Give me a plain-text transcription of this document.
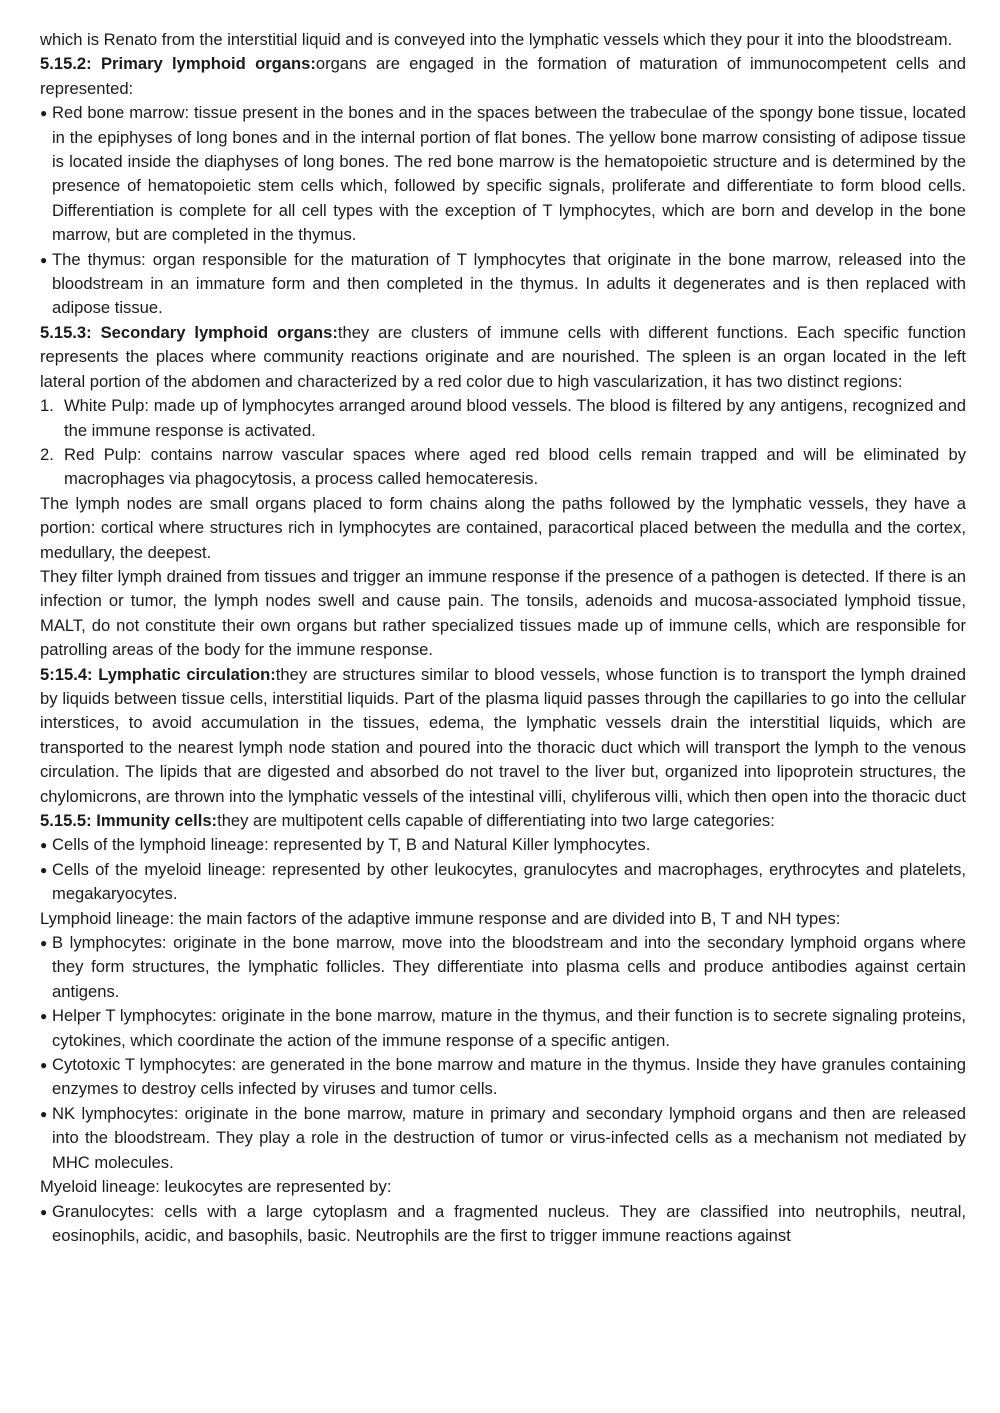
which is Renato from the interstitial liquid and is conveyed into the lymphatic vessels which they pour it into the bloodstream.

5.15.2: Primary lymphoid organs:organs are engaged in the formation of maturation of immunocompetent cells and represented:

● Red bone marrow: tissue present in the bones and in the spaces between the trabeculae of the spongy bone tissue, located in the epiphyses of long bones and in the internal portion of flat bones. The yellow bone marrow consisting of adipose tissue is located inside the diaphyses of long bones. The red bone marrow is the hematopoietic structure and is determined by the presence of hematopoietic stem cells which, followed by specific signals, proliferate and differentiate to form blood cells. Differentiation is complete for all cell types with the exception of T lymphocytes, which are born and develop in the bone marrow, but are completed in the thymus.

● The thymus: organ responsible for the maturation of T lymphocytes that originate in the bone marrow, released into the bloodstream in an immature form and then completed in the thymus. In adults it degenerates and is then replaced with adipose tissue.

5.15.3: Secondary lymphoid organs:they are clusters of immune cells with different functions. Each specific function represents the places where community reactions originate and are nourished. The spleen is an organ located in the left lateral portion of the abdomen and characterized by a red color due to high vascularization, it has two distinct regions:

1. White Pulp: made up of lymphocytes arranged around blood vessels. The blood is filtered by any antigens, recognized and the immune response is activated.

2. Red Pulp: contains narrow vascular spaces where aged red blood cells remain trapped and will be eliminated by macrophages via phagocytosis, a process called hemocateresis.

The lymph nodes are small organs placed to form chains along the paths followed by the lymphatic vessels, they have a portion: cortical where structures rich in lymphocytes are contained, paracortical placed between the medulla and the cortex, medullary, the deepest.

They filter lymph drained from tissues and trigger an immune response if the presence of a pathogen is detected. If there is an infection or tumor, the lymph nodes swell and cause pain. The tonsils, adenoids and mucosa-associated lymphoid tissue, MALT, do not constitute their own organs but rather specialized tissues made up of immune cells, which are responsible for patrolling areas of the body for the immune response.

5:15.4: Lymphatic circulation:they are structures similar to blood vessels, whose function is to transport the lymph drained by liquids between tissue cells, interstitial liquids. Part of the plasma liquid passes through the capillaries to go into the cellular interstices, to avoid accumulation in the tissues, edema, the lymphatic vessels drain the interstitial liquids, which are transported to the nearest lymph node station and poured into the thoracic duct which will transport the lymph to the venous circulation. The lipids that are digested and absorbed do not travel to the liver but, organized into lipoprotein structures, the chylomicrons, are thrown into the lymphatic vessels of the intestinal villi, chyliferous villi, which then open into the thoracic duct

5.15.5: Immunity cells:they are multipotent cells capable of differentiating into two large categories:

● Cells of the lymphoid lineage: represented by T, B and Natural Killer lymphocytes.

● Cells of the myeloid lineage: represented by other leukocytes, granulocytes and macrophages, erythrocytes and platelets, megakaryocytes.

Lymphoid lineage: the main factors of the adaptive immune response and are divided into B, T and NH types:

● B lymphocytes: originate in the bone marrow, move into the bloodstream and into the secondary lymphoid organs where they form structures, the lymphatic follicles. They differentiate into plasma cells and produce antibodies against certain antigens.

● Helper T lymphocytes: originate in the bone marrow, mature in the thymus, and their function is to secrete signaling proteins, cytokines, which coordinate the action of the immune response of a specific antigen.

● Cytotoxic T lymphocytes: are generated in the bone marrow and mature in the thymus. Inside they have granules containing enzymes to destroy cells infected by viruses and tumor cells.

● NK lymphocytes: originate in the bone marrow, mature in primary and secondary lymphoid organs and then are released into the bloodstream. They play a role in the destruction of tumor or virus-infected cells as a mechanism not mediated by MHC molecules.

Myeloid lineage: leukocytes are represented by:

● Granulocytes: cells with a large cytoplasm and a fragmented nucleus. They are classified into neutrophils, neutral, eosinophils, acidic, and basophils, basic. Neutrophils are the first to trigger immune reactions against
